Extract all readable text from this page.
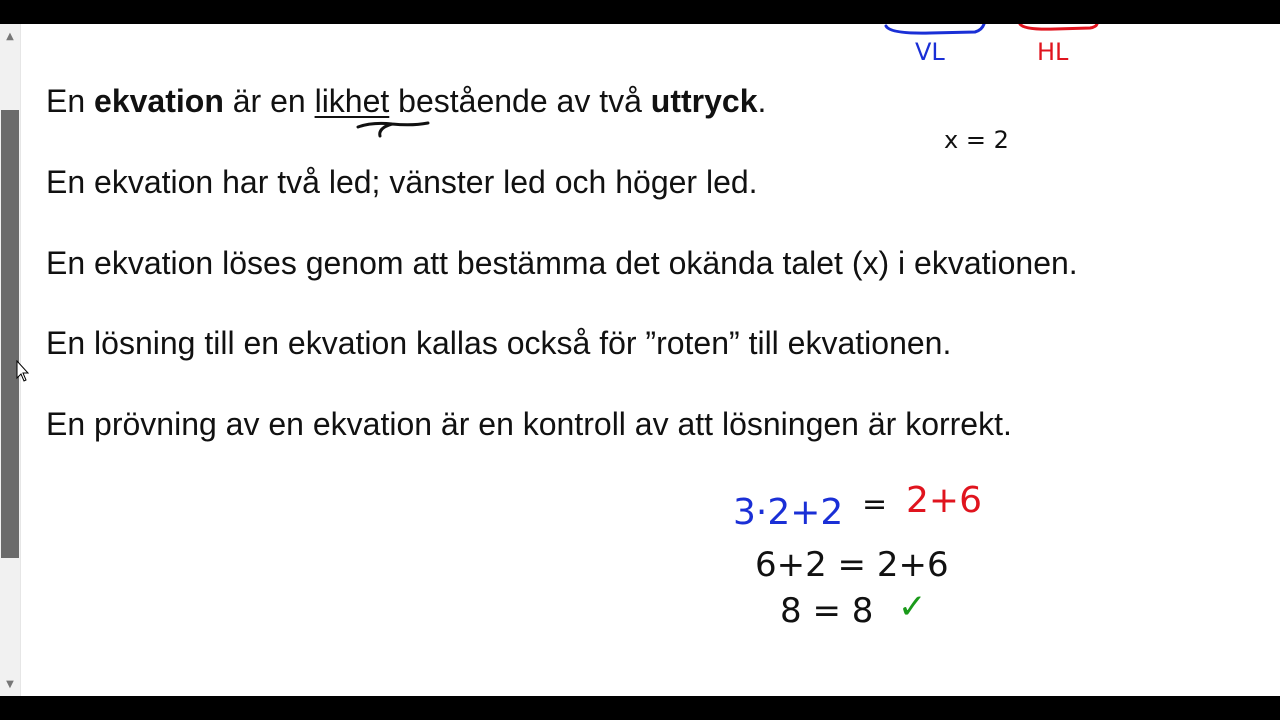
▲
▼

En ekvation är en likhet bestående av två uttryck.

En ekvation har två led; vänster led och höger led.

En ekvation löses genom att bestämma det okända talet (x) i ekvationen.

En lösning till en ekvation kallas också för ”roten” till ekvationen.

En prövning av en ekvation är en kontroll av att lösningen är korrekt.

VL	HL
x = 2
3·2+2 = 2+6
6+2 = 2+6
8 = 8 ✓
